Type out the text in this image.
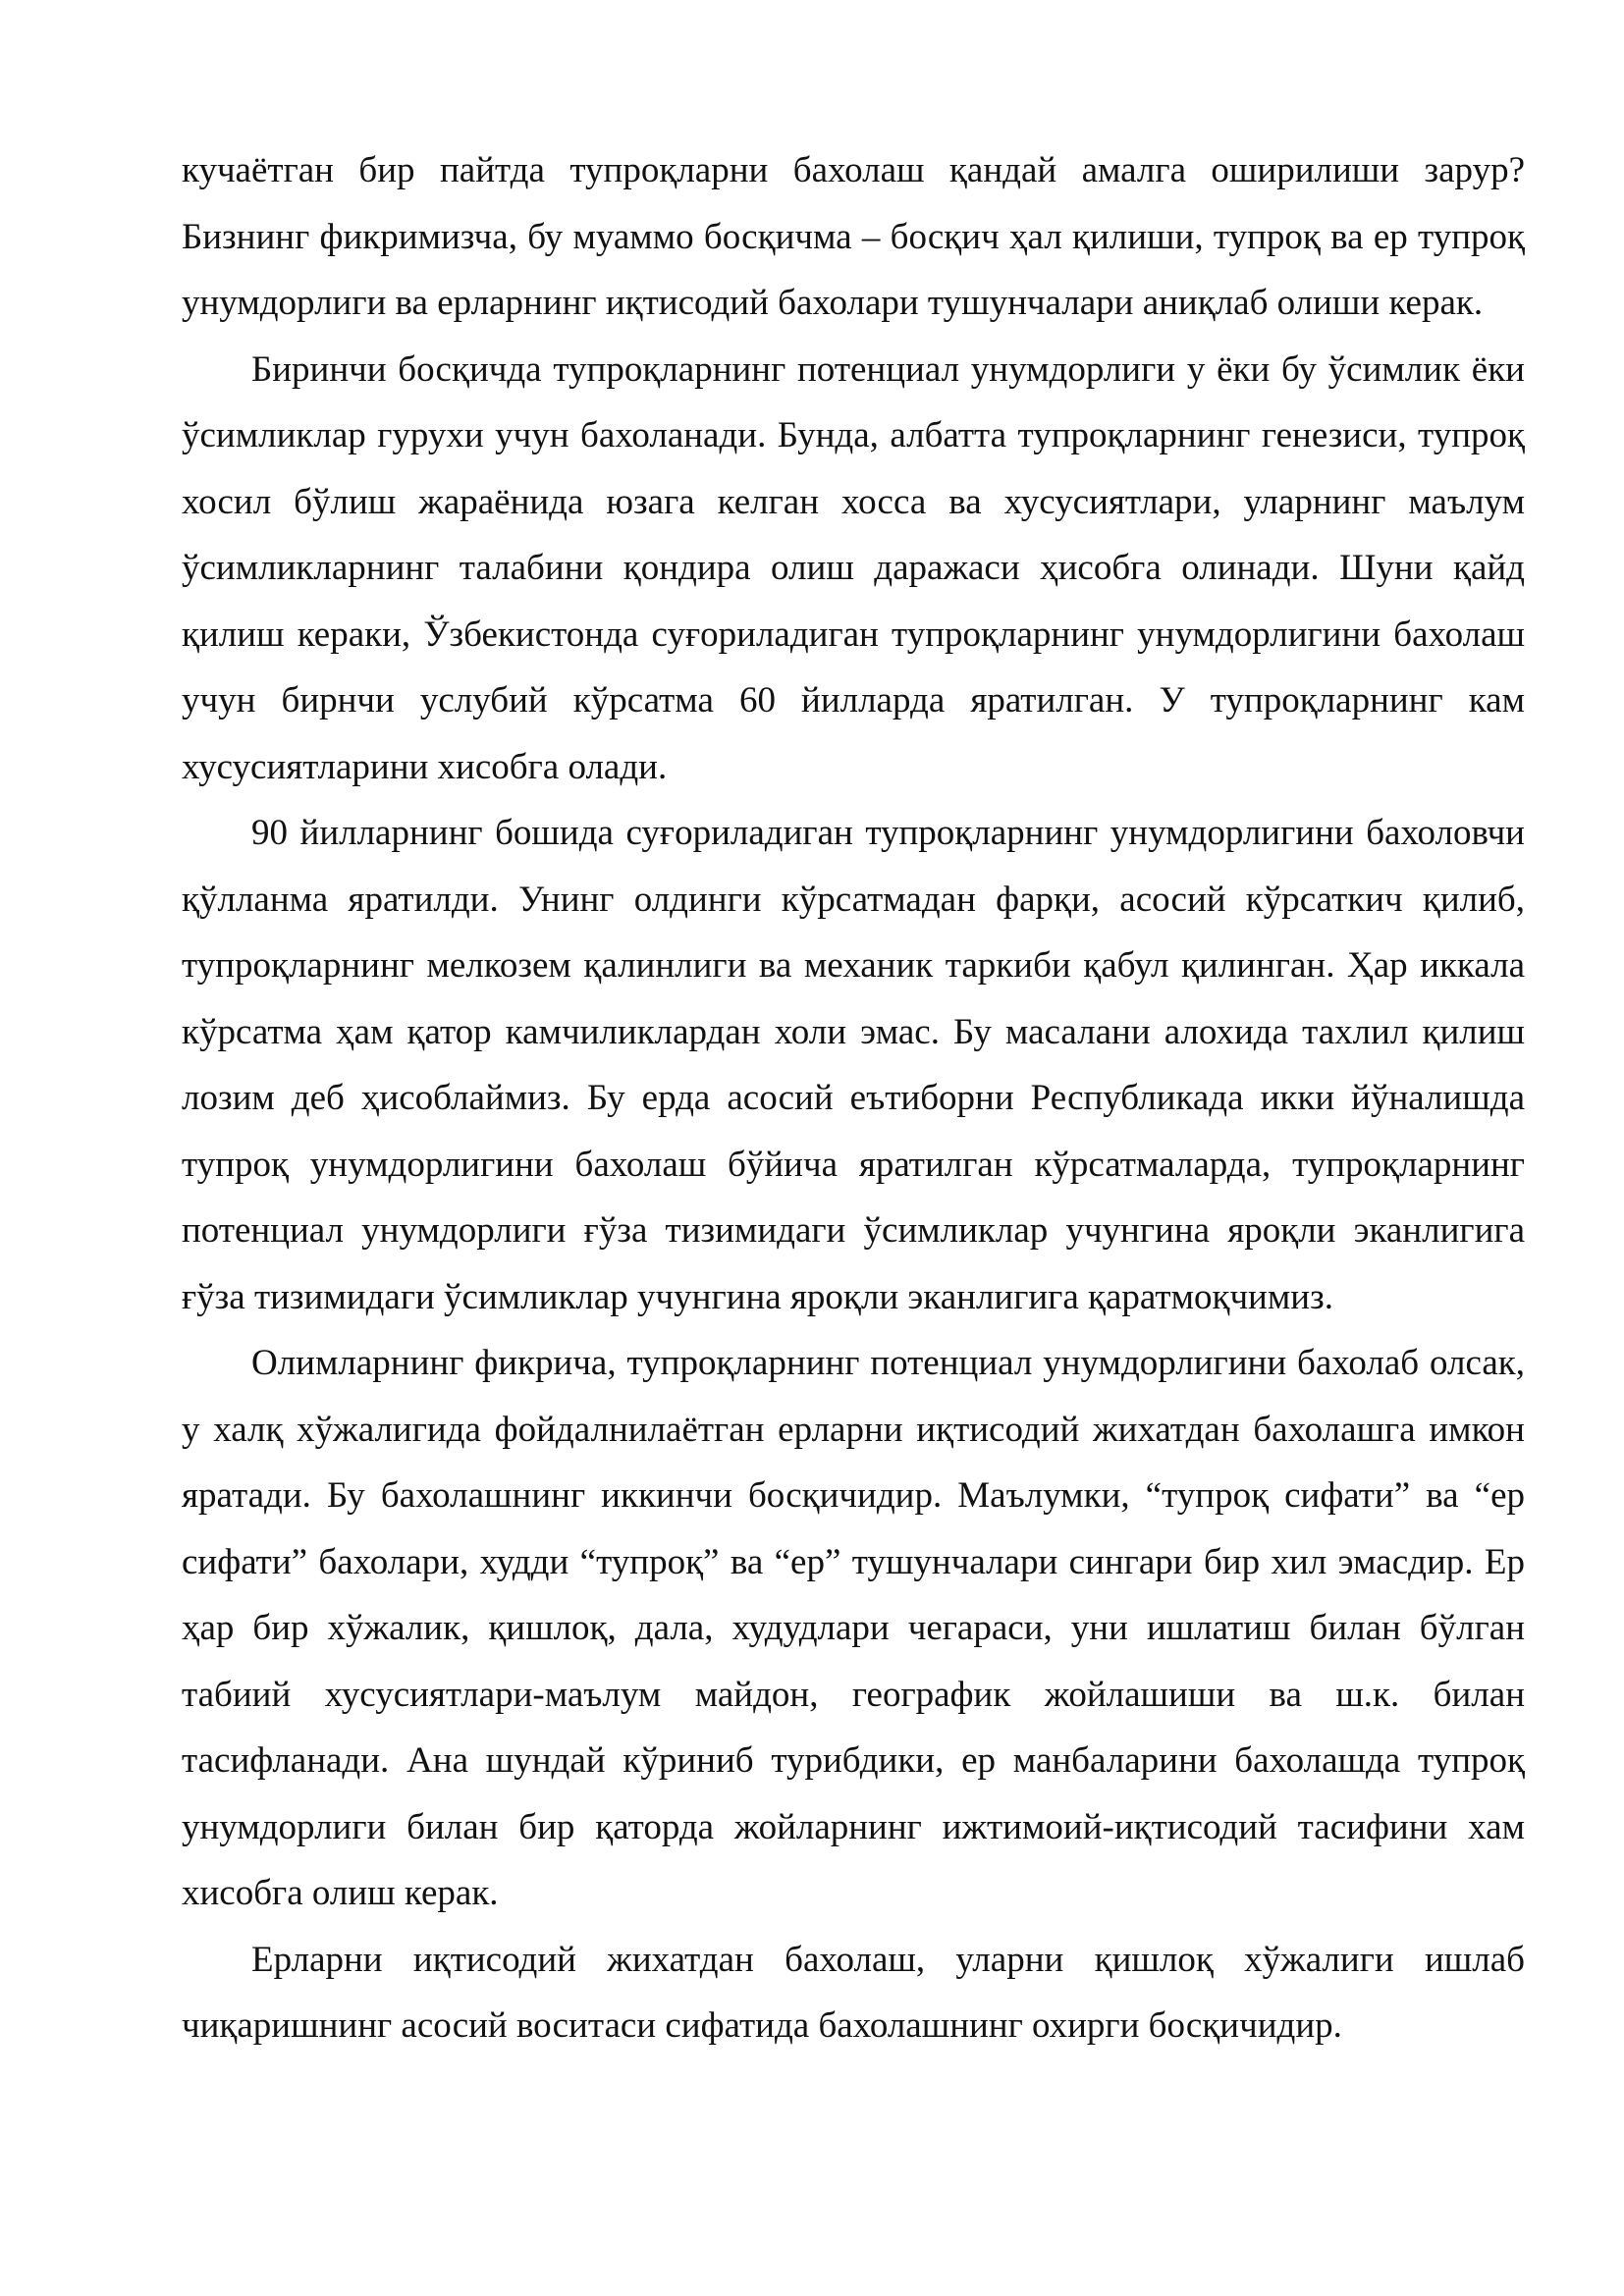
кучаётган бир пайтда тупроқларни бахолаш қандай амалга оширилиши зарур? Бизнинг фикримизча, бу муаммо босқичма – босқич ҳал қилиши, тупроқ ва ер тупроқ унумдорлиги ва ерларнинг иқтисодий бахолари тушунчалари аниқлаб олиши керак.

Биринчи босқичда тупроқларнинг потенциал унумдорлиги у ёки бу ўсимлик ёки ўсимликлар гурухи учун бахоланади. Бунда, албатта тупроқларнинг генезиси, тупроқ хосил бўлиш жараёнида юзага келган хосса ва хусусиятлари, уларнинг маълум ўсимликларнинг талабини қондира олиш даражаси ҳисобга олинади. Шуни қайд қилиш кераки, Ўзбекистонда суғориладиган тупроқларнинг унумдорлигини бахолаш учун бирнчи услубий кўрсатма 60 йилларда яратилган. У тупроқларнинг кам хусусиятларини хисобга олади.

90 йилларнинг бошида суғориладиган тупроқларнинг унумдорлигини бахоловчи қўлланма яратилди. Унинг олдинги кўрсатмадан фарқи, асосий кўрсаткич қилиб, тупроқларнинг мелкозем қалинлиги ва механик таркиби қабул қилинган. Ҳар иккала кўрсатма ҳам қатор камчиликлардан холи эмас. Бу масалани алохида тахлил қилиш лозим деб ҳисоблаймиз. Бу ерда асосий еътиборни Республикада икки йўналишда тупроқ унумдорлигини бахолаш бўйича яратилган кўрсатмаларда, тупроқларнинг потенциал унумдорлиги ғўза тизимидаги ўсимликлар учунгина яроқли эканлигига ғўза тизимидаги ўсимликлар учунгина яроқли эканлигига қаратмоқчимиз.

Олимларнинг фикрича, тупроқларнинг потенциал унумдорлигини бахолаб олсак, у халқ хўжалигида фойдалнилаётган ерларни иқтисодий жихатдан бахолашга имкон яратади. Бу бахолашнинг иккинчи босқичидир. Маълумки, “тупроқ сифати” ва “ер сифати” бахолари, худди “тупроқ” ва “ер” тушунчалари сингари бир хил эмасдир. Ер ҳар бир хўжалик, қишлоқ, дала, худудлари чегараси, уни ишлатиш билан бўлган табиий хусусиятлари-маълум майдон, географик жойлашиши ва ш.к. билан тасифланади. Ана шундай кўриниб турибдики, ер манбаларини бахолашда тупроқ унумдорлиги билан бир қаторда жойларнинг ижтимоий-иқтисодий тасифини хам хисобга олиш керак.

Ерларни иқтисодий жихатдан бахолаш, уларни қишлоқ хўжалиги ишлаб чиқаришнинг асосий воситаси сифатида бахолашнинг охирги босқичидир.
